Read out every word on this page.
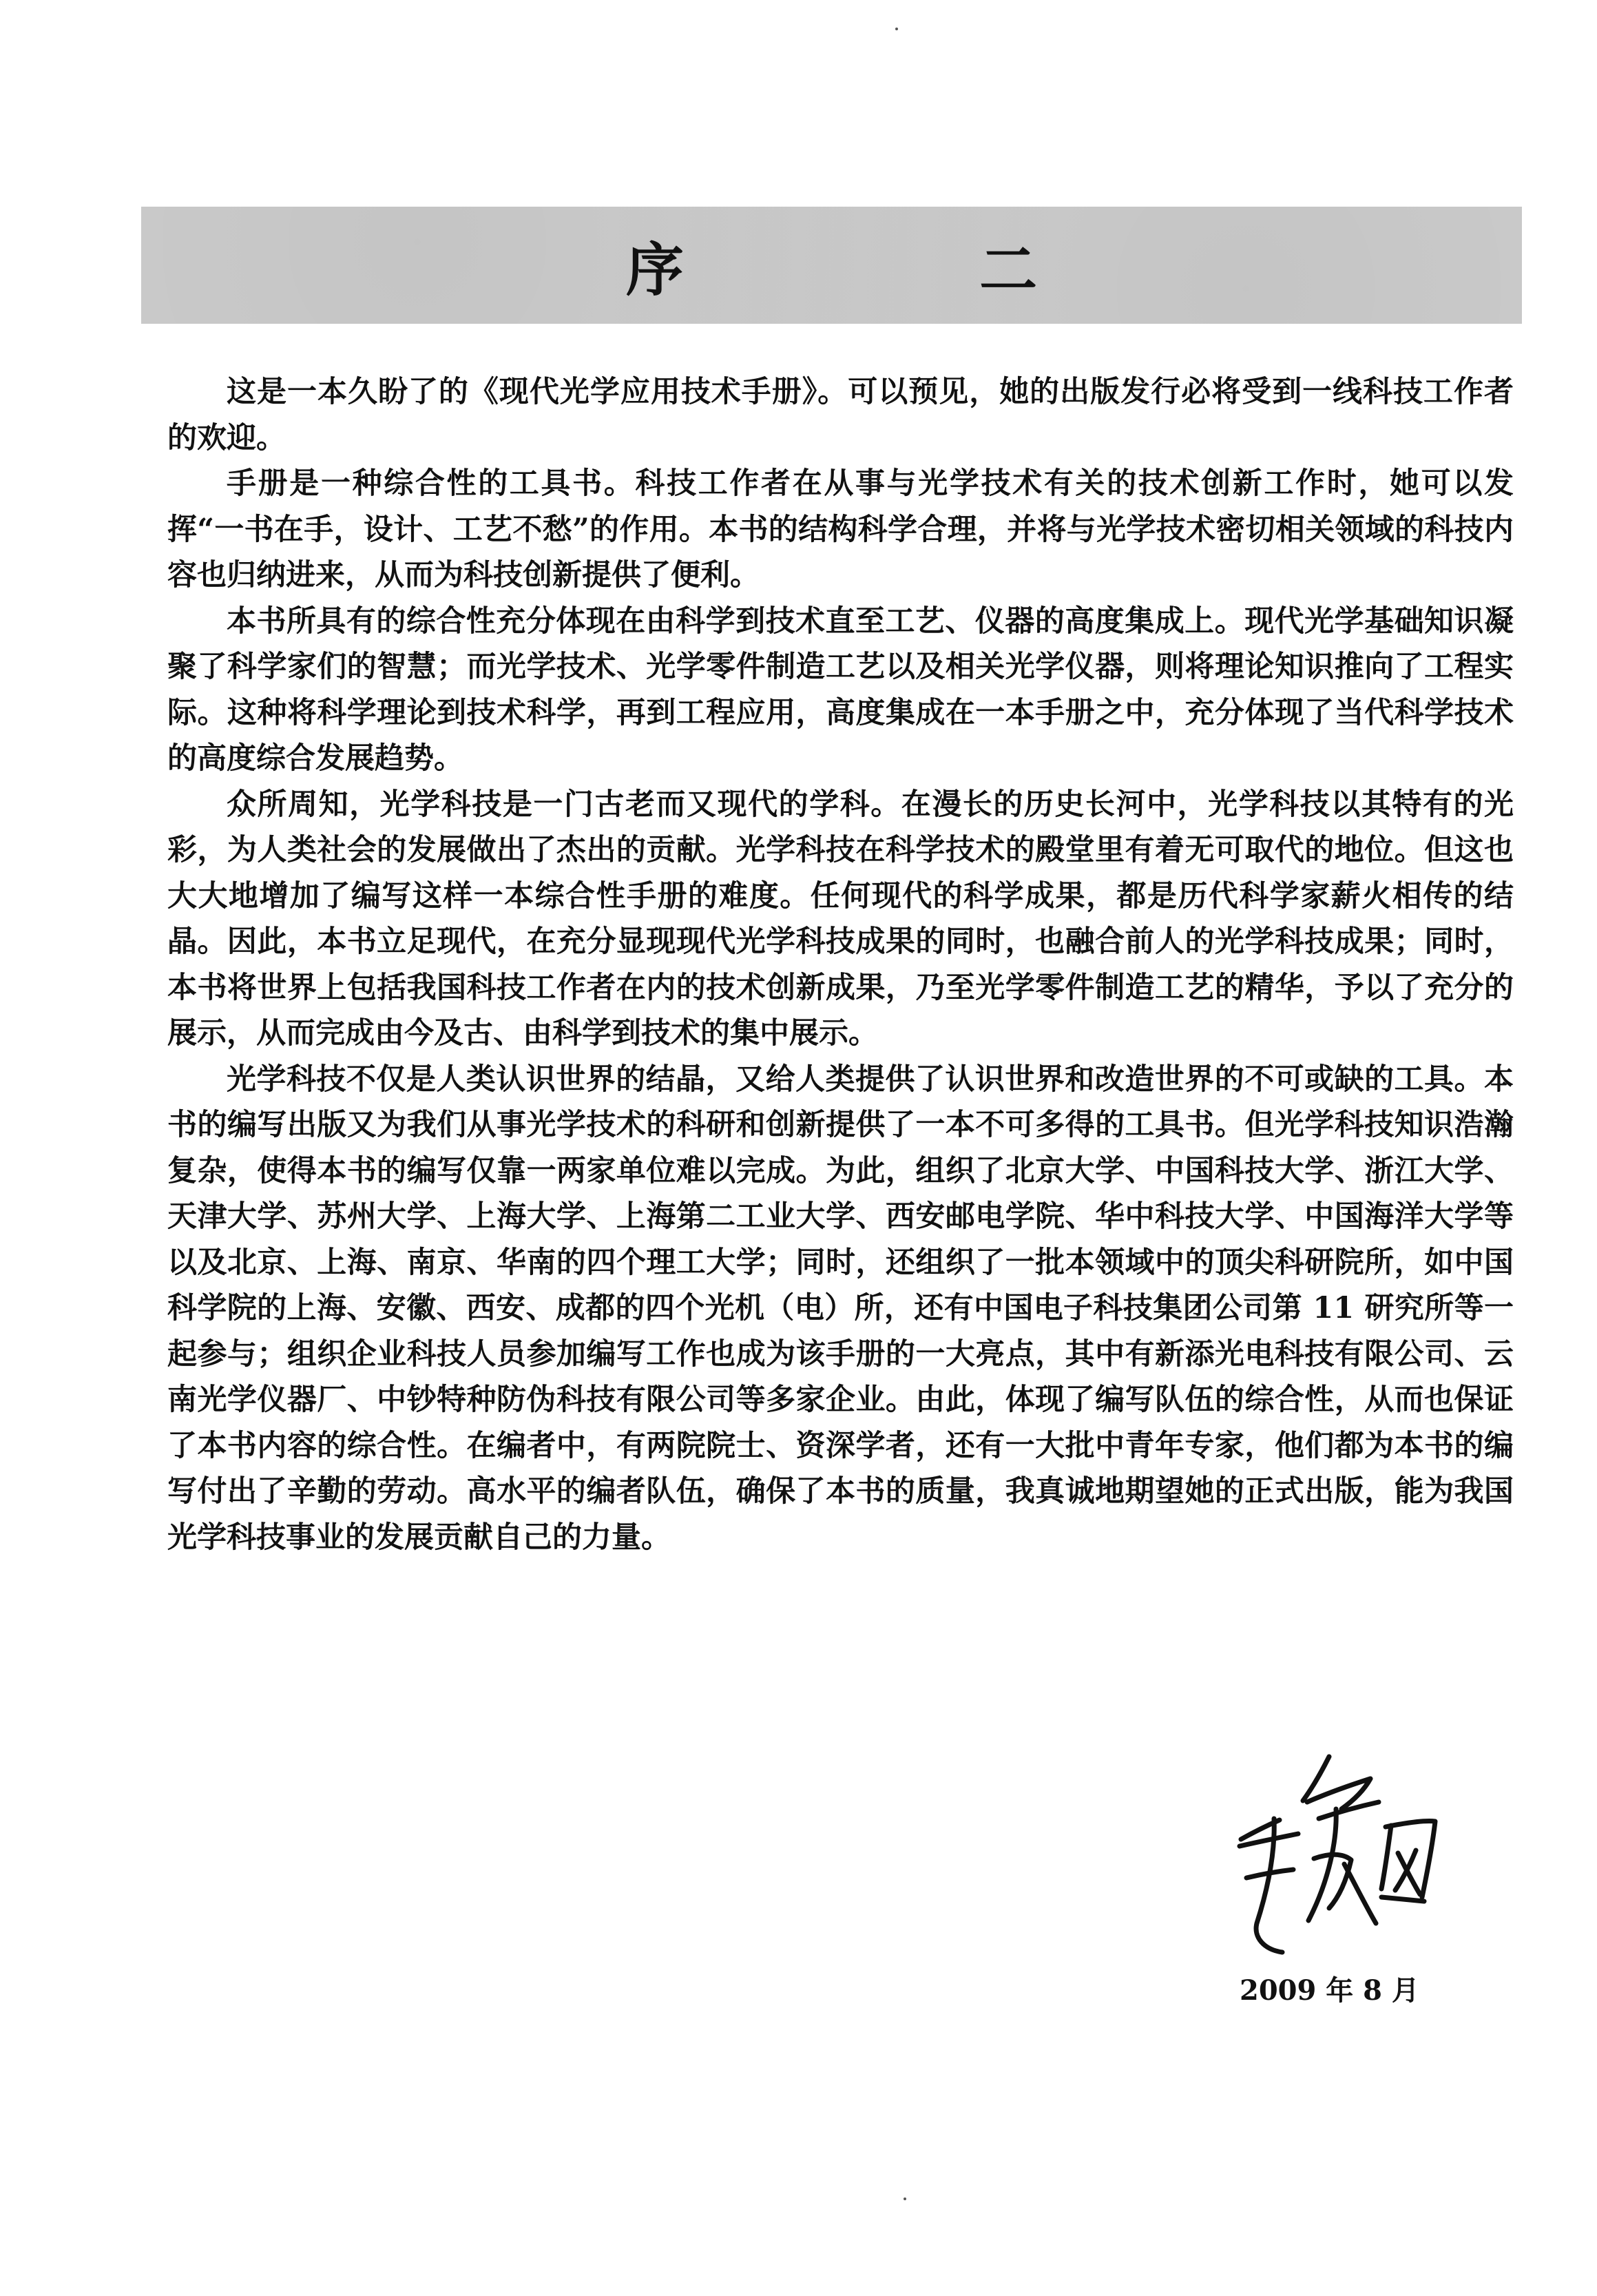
序 二

这是一本久盼了的《现代光学应用技术手册》。可以预见，她的出版发行必将受到一线科技工作者的欢迎。

手册是一种综合性的工具书。科技工作者在从事与光学技术有关的技术创新工作时，她可以发挥“一书在手，设计、工艺不愁”的作用。本书的结构科学合理，并将与光学技术密切相关领域的科技内容也归纳进来，从而为科技创新提供了便利。

本书所具有的综合性充分体现在由科学到技术直至工艺、仪器的高度集成上。现代光学基础知识凝聚了科学家们的智慧；而光学技术、光学零件制造工艺以及相关光学仪器，则将理论知识推向了工程实际。这种将科学理论到技术科学，再到工程应用，高度集成在一本手册之中，充分体现了当代科学技术的高度综合发展趋势。

众所周知，光学科技是一门古老而又现代的学科。在漫长的历史长河中，光学科技以其特有的光彩，为人类社会的发展做出了杰出的贡献。光学科技在科学技术的殿堂里有着无可取代的地位。但这也大大地增加了编写这样一本综合性手册的难度。任何现代的科学成果，都是历代科学家薪火相传的结晶。因此，本书立足现代，在充分显现现代光学科技成果的同时，也融合前人的光学科技成果；同时，本书将世界上包括我国科技工作者在内的技术创新成果，乃至光学零件制造工艺的精华，予以了充分的展示，从而完成由今及古、由科学到技术的集中展示。

光学科技不仅是人类认识世界的结晶，又给人类提供了认识世界和改造世界的不可或缺的工具。本书的编写出版又为我们从事光学技术的科研和创新提供了一本不可多得的工具书。但光学科技知识浩瀚复杂，使得本书的编写仅靠一两家单位难以完成。为此，组织了北京大学、中国科技大学、浙江大学、天津大学、苏州大学、上海大学、上海第二工业大学、西安邮电学院、华中科技大学、中国海洋大学等以及北京、上海、南京、华南的四个理工大学；同时，还组织了一批本领域中的顶尖科研院所，如中国科学院的上海、安徽、西安、成都的四个光机（电）所，还有中国电子科技集团公司第 11 研究所等一起参与；组织企业科技人员参加编写工作也成为该手册的一大亮点，其中有新添光电科技有限公司、云南光学仪器厂、中钞特种防伪科技有限公司等多家企业。由此，体现了编写队伍的综合性，从而也保证了本书内容的综合性。在编者中，有两院院士、资深学者，还有一大批中青年专家，他们都为本书的编写付出了辛勤的劳动。高水平的编者队伍，确保了本书的质量，我真诚地期望她的正式出版，能为我国光学科技事业的发展贡献自己的力量。

2009 年 8 月
